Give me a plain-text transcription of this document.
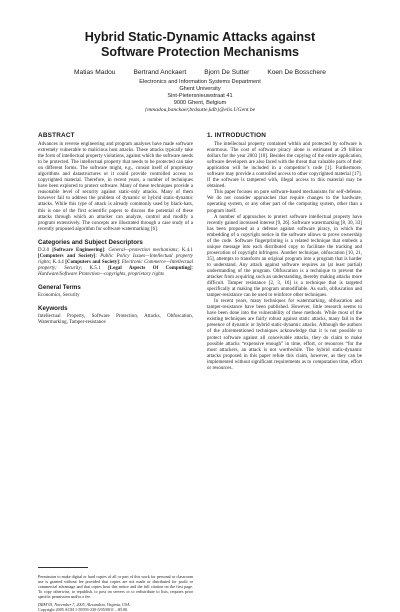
Hybrid Static-Dynamic Attacks against Software Protection Mechanisms
Matias Madou	Bertrand Anckaert	Bjorn De Sutter	Koen De Bosschere
Electronics and Information Systems Department
Ghent University
Sint-Pietersnieuwstraat 41
9000 Ghent, Belgium
{mmadou,banckaer,brdsutte,kdb}@elis.UGent.be
ABSTRACT

Advances in reverse engineering and program analyses have made software extremely vulnerable to malicious host attacks. These attacks typically take the form of intellectual property violations, against which the software needs to be protected. The intellectual property that needs to be protected can take on different forms. The software might, e.g., consist itself of proprietary algorithms and datastructures or it could provide controlled access to copyrighted material. Therefore, in recent years, a number of techniques have been explored to protect software. Many of these techniques provide a reasonable level of security against static-only attacks. Many of them however fail to address the problem of dynamic or hybrid static-dynamic attacks. While this type of attack is already commonly used by black-hats, this is one of the first scientific papers to discuss the potential of these attacks through which an attacker can analyze, control and modify a program extensively. The concepts are illustrated through a case study of a recently proposed algorithm for software watermarking [6].

Categories and Subject Descriptors

D.2.0 [Software Engineering]: General—protection mechanisms; K.4.1 [Computers and Society]: Public Policy Issues—Intellectual property rights; K.4.4 [Computers and Society]: Electronic Commerce—Intellectual property; Security; K.5.1 [Legal Aspects Of Computing]: Hardware/Software Protection—copyrights, proprietary rights

General Terms

Economics, Security

Keywords

Intellectual Property, Software Protection, Attacks, Obfuscation, Watermarking, Tamper-resistance

Permission to make digital or hard copies of all or part of this work for personal or classroom use is granted without fee provided that copies are not made or distributed for profit or commercial advantage and that copies bear this notice and the full citation on the first page. To copy otherwise, to republish, to post on servers or to redistribute to lists, requires prior specific permission and/or a fee.
DRM’05, November 7, 2005, Alexandria, Virginia, USA.
Copyright 2005 ACM 1-59593-230-5/05/0011 ...$5.00.
1. INTRODUCTION

The intellectual property contained within and protected by software is enormous. The cost of software piracy alone is estimated at 29 billion dollars for the year 2003 [18]. Besides the copying of the entire application, software developers are also faced with the threat that valuable parts of their application will be included in a competitor’s code [1]. Furthermore, software may provide a controlled access to other copyrighted material [17]. If the software is tampered with, illegal access to this material may be obtained.

This paper focuses on pure software-based mechanisms for self-defense. We do not consider approaches that require changes to the hardware, operating system, or any other part of the computing system, other than a program itself.

A number of approaches to protect software intellectual property have recently gained increased interest [9, 26]. Software watermarking [8, 30, 33] has been proposed as a defense against software piracy, in which the embedding of a copyright notice in the software allows to prove ownership of the code. Software fingerprinting is a related technique that embeds a unique message into each distributed copy to facilitate the tracking and prosecution of copyright infringers. Another technique, obfuscation [10, 21, 35], attempts to transform an original program into a program that is harder to understand. Any attack against software requires an (at least partial) understanding of the program. Obfuscation is a technique to prevent the attacker from acquiring such an understanding, thereby making attacks more difficult. Tamper resistance [2, 3, 16] is a technique that is targeted specifically at making the program unmodifiable. As such, obfuscation and tamper-resistance can be used to reinforce other techniques.

In recent years, many techniques for watermarking, obfuscation and tamper-resistance have been published. However, little research seems to have been done into the vulnerability of these methods. While most of the existing techniques are fairly robust against static attacks, many fail in the presence of dynamic or hybrid static-dynamic attacks. Although the authors of the aforementioned techniques acknowledge that it is not possible to protect software against all conceivable attacks, they do claim to make possible attacks “expensive enough” in time, effort, or resources “for the most attackers, an attack is not worthwhile. The hybrid static-dynamic attacks proposed in this paper refute this claim, however, as they can be implemented without significant requirements as to computation time, effort or resources.
